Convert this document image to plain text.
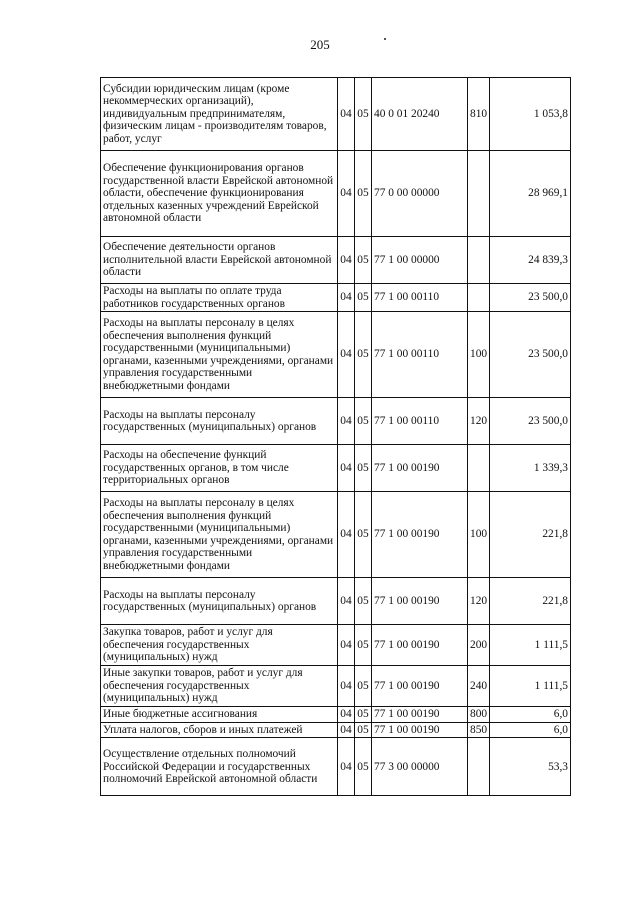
205
Субсидии юридическим лицам (кроме некоммерческих организаций), индивидуальным предпринимателям, физическим лицам - производителям товаров, работ, услуг	04	05	40 0 01 20240	810	1 053,8
Обеспечение функционирования органов государственной власти Еврейской автономной области, обеспечение функционирования отдельных казенных учреждений Еврейской автономной области	04	05	77 0 00 00000		28 969,1
Обеспечение деятельности органов исполнительной власти Еврейской автономной области	04	05	77 1 00 00000		24 839,3
Расходы на выплаты по оплате труда работников государственных органов	04	05	77 1 00 00110		23 500,0
Расходы на выплаты персоналу в целях обеспечения выполнения функций государственными (муниципальными) органами, казенными учреждениями, органами управления государственными внебюджетными фондами	04	05	77 1 00 00110	100	23 500,0
Расходы на выплаты персоналу государственных (муниципальных) органов	04	05	77 1 00 00110	120	23 500,0
Расходы на обеспечение функций государственных органов, в том числе территориальных органов	04	05	77 1 00 00190		1 339,3
Расходы на выплаты персоналу в целях обеспечения выполнения функций государственными (муниципальными) органами, казенными учреждениями, органами управления государственными внебюджетными фондами	04	05	77 1 00 00190	100	221,8
Расходы на выплаты персоналу государственных (муниципальных) органов	04	05	77 1 00 00190	120	221,8
Закупка товаров, работ и услуг для обеспечения государственных (муниципальных) нужд	04	05	77 1 00 00190	200	1 111,5
Иные закупки товаров, работ и услуг для обеспечения государственных (муниципальных) нужд	04	05	77 1 00 00190	240	1 111,5
Иные бюджетные ассигнования	04	05	77 1 00 00190	800	6,0
Уплата налогов, сборов и иных платежей	04	05	77 1 00 00190	850	6,0
Осуществление отдельных полномочий Российской Федерации и государственных полномочий Еврейской автономной области	04	05	77 3 00 00000		53,3
